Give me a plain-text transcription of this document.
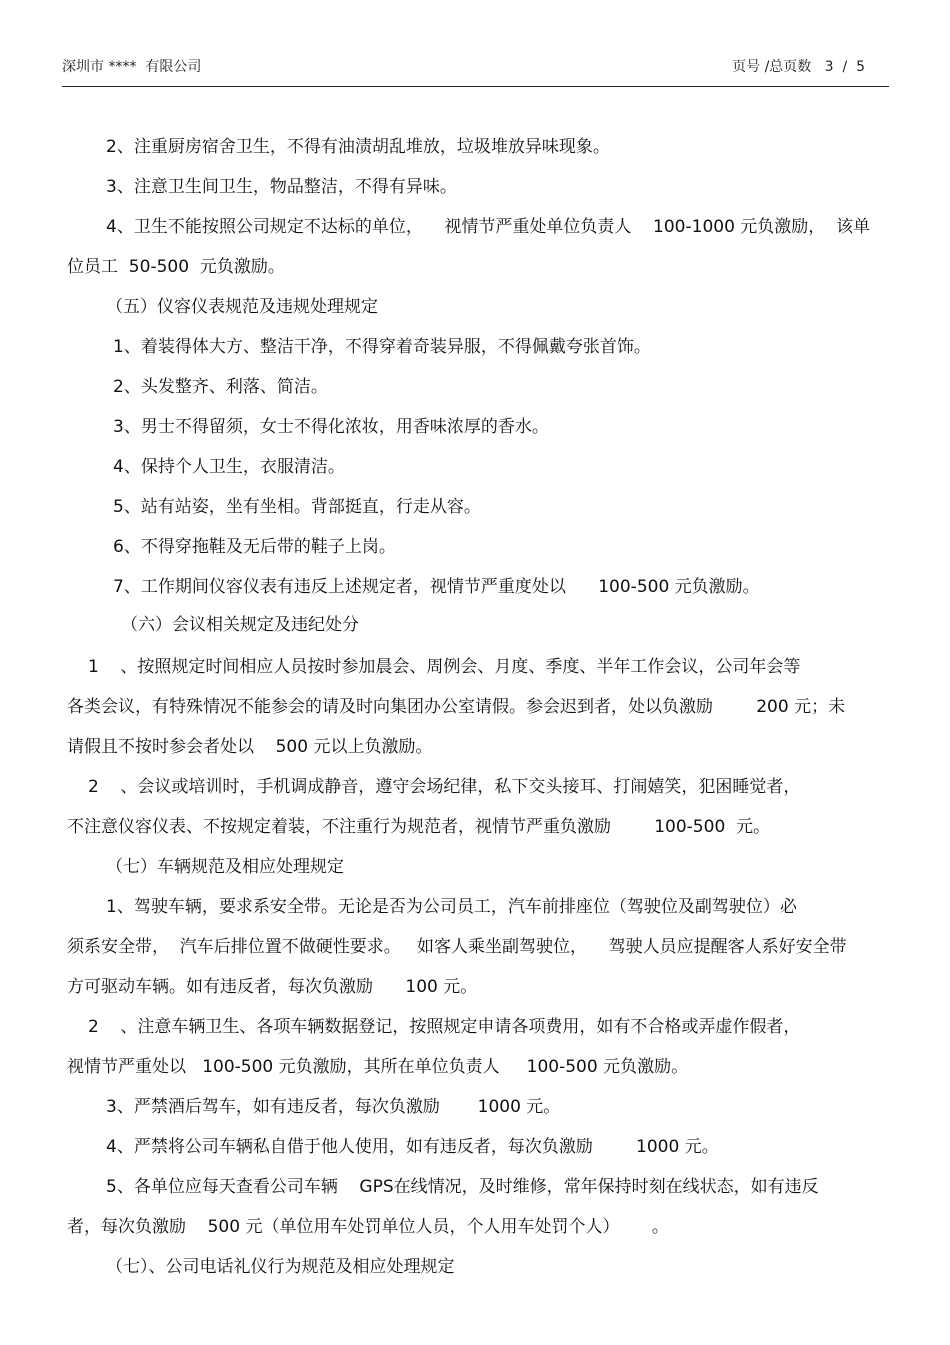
深圳市 ****  有限公司	页号 /总页数   3  /  5
2、注重厨房宿舍卫生，不得有油渍胡乱堆放，垃圾堆放异味现象。
3、注意卫生间卫生，物品整洁，不得有异味。
4、卫生不能按照公司规定不达标的单位，    视情节严重处单位负责人    100-1000 元负激励，  该单
位员工  50-500  元负激励。
（五）仪容仪表规范及违规处理规定
1、着装得体大方、整洁干净，不得穿着奇装异服，不得佩戴夸张首饰。
2、头发整齐、利落、简洁。
3、男士不得留须，女士不得化浓妆，用香味浓厚的香水。
4、保持个人卫生，衣服清洁。
5、站有站姿，坐有坐相。背部挺直，行走从容。
6、不得穿拖鞋及无后带的鞋子上岗。
7、工作期间仪容仪表有违反上述规定者，视情节严重度处以      100-500 元负激励。
（六）会议相关规定及违纪处分
1    、按照规定时间相应人员按时参加晨会、周例会、月度、季度、半年工作会议，公司年会等
各类会议，有特殊情况不能参会的请及时向集团办公室请假。参会迟到者，处以负激励        200 元；未
请假且不按时参会者处以    500 元以上负激励。
2    、会议或培训时，手机调成静音，遵守会场纪律，私下交头接耳、打闹嬉笑，犯困睡觉者，
不注意仪容仪表、不按规定着装，不注重行为规范者，视情节严重负激励        100-500  元。
（七）车辆规范及相应处理规定
1、驾驶车辆，要求系安全带。无论是否为公司员工，汽车前排座位（驾驶位及副驾驶位）必
须系安全带，  汽车后排位置不做硬性要求。   如客人乘坐副驾驶位，    驾驶人员应提醒客人系好安全带
方可驱动车辆。如有违反者，每次负激励      100 元。
2    、注意车辆卫生、各项车辆数据登记，按照规定申请各项费用，如有不合格或弄虚作假者，
视情节严重处以   100-500 元负激励，其所在单位负责人     100-500 元负激励。
3、严禁酒后驾车，如有违反者，每次负激励       1000 元。
4、严禁将公司车辆私自借于他人使用，如有违反者，每次负激励        1000 元。
5、各单位应每天查看公司车辆    GPS在线情况，及时维修，常年保持时刻在线状态，如有违反
者，每次负激励    500 元（单位用车处罚单位人员，个人用车处罚个人）      。
（七）、公司电话礼仪行为规范及相应处理规定
